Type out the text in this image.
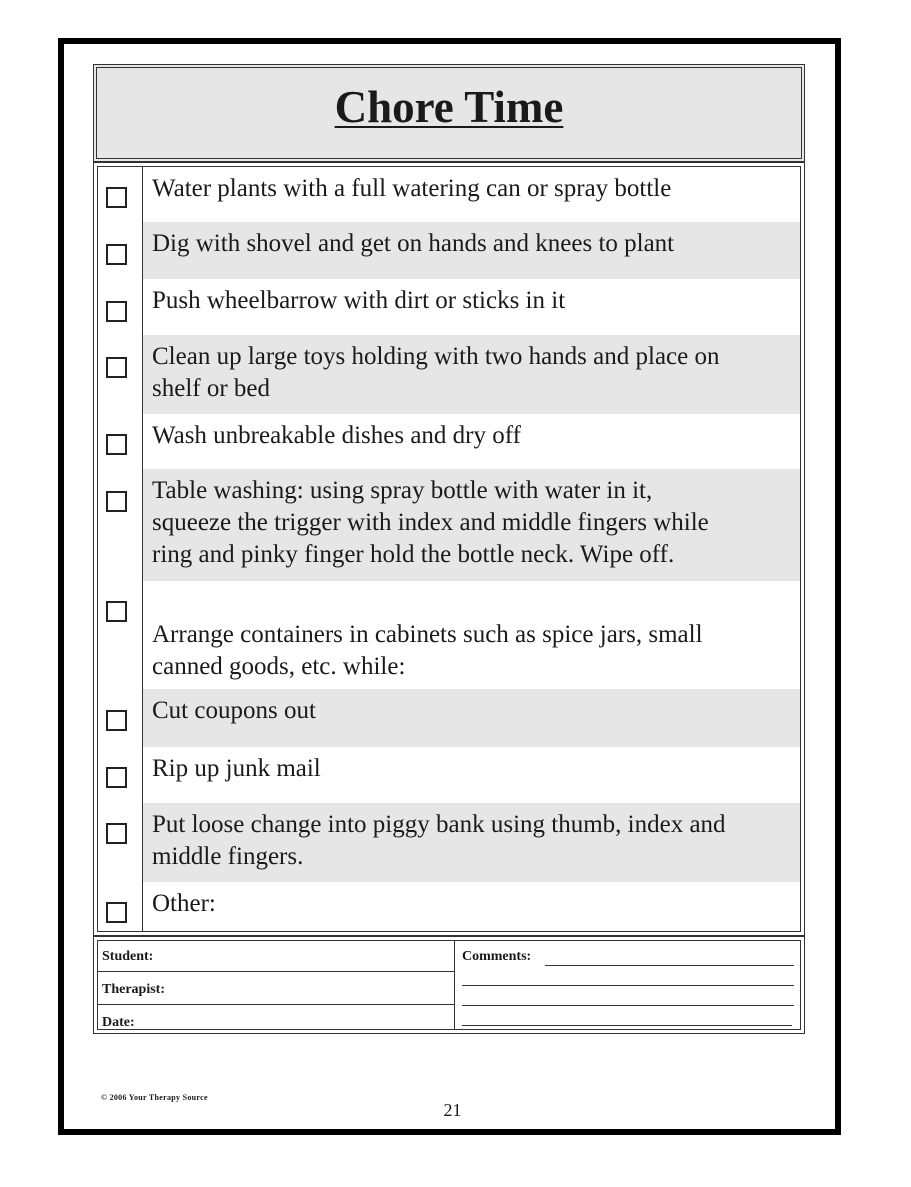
Chore Time
Water plants with a full watering can or spray bottle
Dig with shovel and get on hands and knees to plant
Push wheelbarrow with dirt or sticks in it
Clean up large toys holding with two hands and place on
shelf or bed
Wash unbreakable dishes and dry off
Table washing: using spray bottle with water in it,
squeeze the trigger with index and middle fingers while
ring and pinky finger hold the bottle neck. Wipe off.

Arrange containers in cabinets such as spice jars, small
canned goods, etc. while:

Cut coupons out
Rip up junk mail
Put loose change into piggy bank using thumb, index and
middle fingers.
Other:
Student:
Therapist:
Date:
Comments:
© 2006 Your Therapy Source
21
